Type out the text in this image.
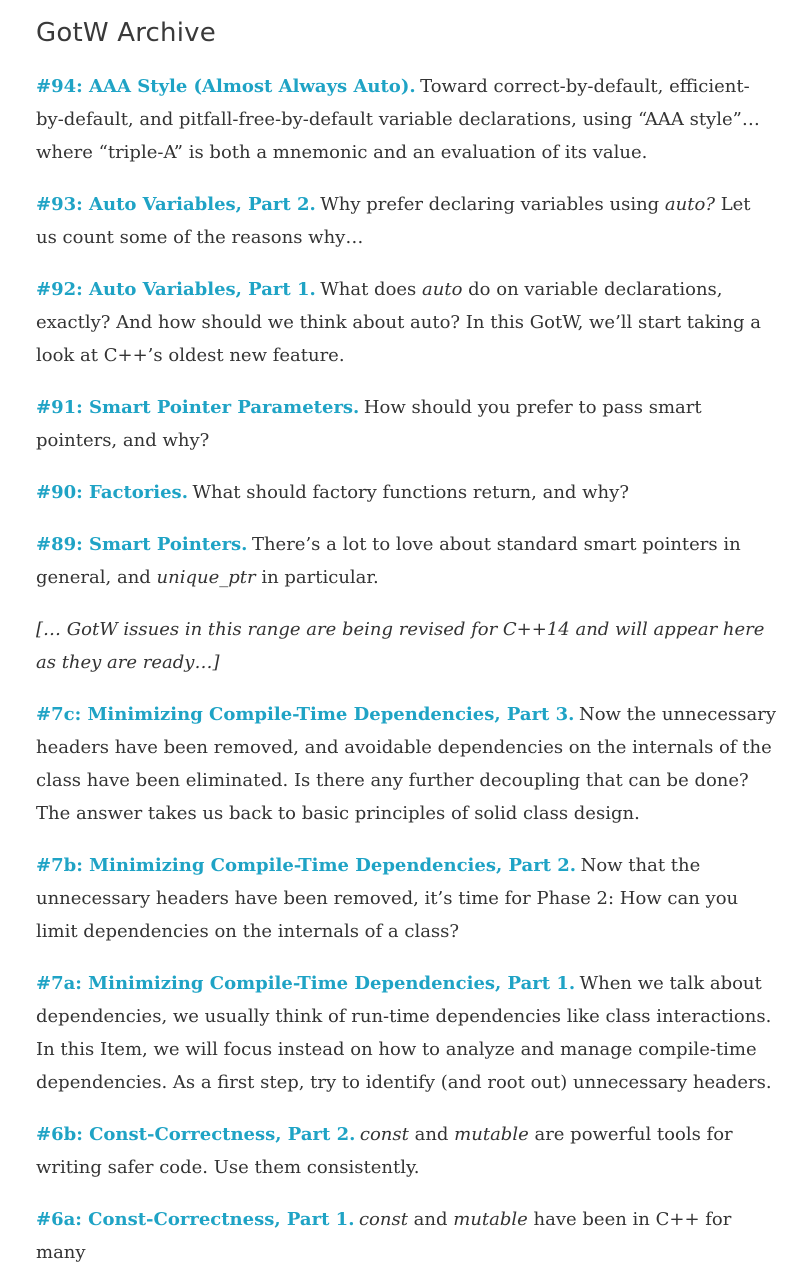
GotW Archive

#94: AAA Style (Almost Always Auto). Toward correct-by-default, efficient-by-default, and pitfall-free-by-default variable declarations, using “AAA style”… where “triple-A” is both a mnemonic and an evaluation of its value.

#93: Auto Variables, Part 2. Why prefer declaring variables using auto? Let us count some of the reasons why…

#92: Auto Variables, Part 1. What does auto do on variable declarations, exactly? And how should we think about auto? In this GotW, we’ll start taking a look at C++’s oldest new feature.

#91: Smart Pointer Parameters. How should you prefer to pass smart pointers, and why?

#90: Factories. What should factory functions return, and why?

#89: Smart Pointers. There’s a lot to love about standard smart pointers in general, and unique_ptr in particular.

[… GotW issues in this range are being revised for C++14 and will appear here as they are ready…]

#7c: Minimizing Compile-Time Dependencies, Part 3. Now the unnecessary headers have been removed, and avoidable dependencies on the internals of the class have been eliminated. Is there any further decoupling that can be done? The answer takes us back to basic principles of solid class design.

#7b: Minimizing Compile-Time Dependencies, Part 2. Now that the unnecessary headers have been removed, it’s time for Phase 2: How can you limit dependencies on the internals of a class?

#7a: Minimizing Compile-Time Dependencies, Part 1. When we talk about dependencies, we usually think of run-time dependencies like class interactions. In this Item, we will focus instead on how to analyze and manage compile-time dependencies. As a first step, try to identify (and root out) unnecessary headers.

#6b: Const-Correctness, Part 2. const and mutable are powerful tools for writing safer code. Use them consistently.

#6a: Const-Correctness, Part 1. const and mutable have been in C++ for many
